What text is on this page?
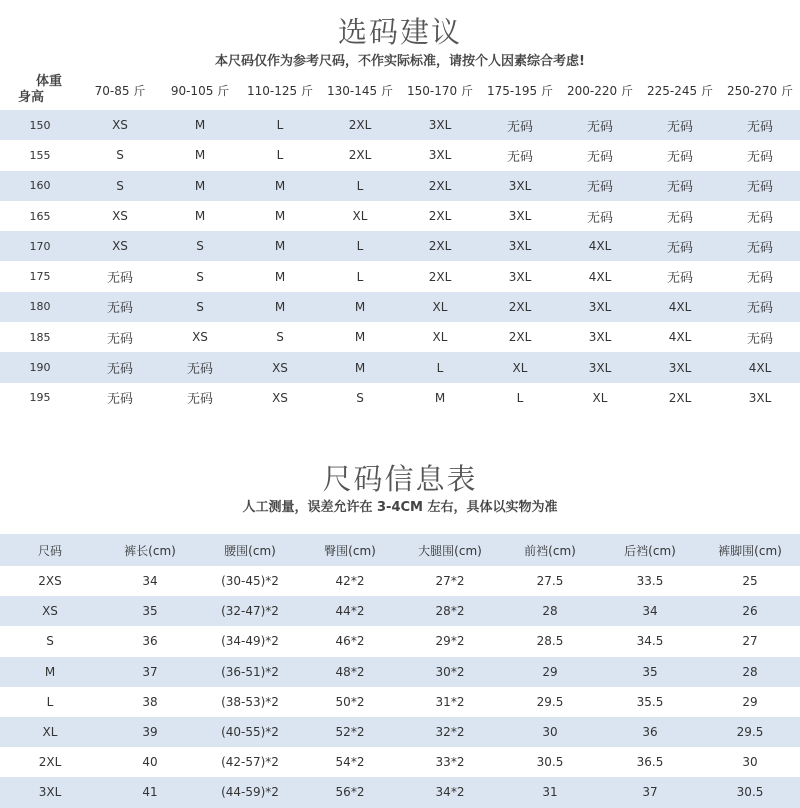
选码建议
本尺码仅作为参考尺码，不作实际标准，请按个人因素综合考虑!
体重
身高	70-85 斤	90-105 斤	110-125 斤	130-145 斤	150-170 斤	175-195 斤	200-220 斤	225-245 斤	250-270 斤
150	XS	M	L	2XL	3XL	无码	无码	无码	无码
155	S	M	L	2XL	3XL	无码	无码	无码	无码
160	S	M	M	L	2XL	3XL	无码	无码	无码
165	XS	M	M	XL	2XL	3XL	无码	无码	无码
170	XS	S	M	L	2XL	3XL	4XL	无码	无码
175	无码	S	M	L	2XL	3XL	4XL	无码	无码
180	无码	S	M	M	XL	2XL	3XL	4XL	无码
185	无码	XS	S	M	XL	2XL	3XL	4XL	无码
190	无码	无码	XS	M	L	XL	3XL	3XL	4XL
195	无码	无码	XS	S	M	L	XL	2XL	3XL
尺码信息表
人工测量，误差允许在 3-4CM 左右，具体以实物为准
尺码	裤长(cm)	腰围(cm)	臀围(cm)	大腿围(cm)	前裆(cm)	后裆(cm)	裤脚围(cm)
2XS	34	(30-45)*2	42*2	27*2	27.5	33.5	25
XS	35	(32-47)*2	44*2	28*2	28	34	26
S	36	(34-49)*2	46*2	29*2	28.5	34.5	27
M	37	(36-51)*2	48*2	30*2	29	35	28
L	38	(38-53)*2	50*2	31*2	29.5	35.5	29
XL	39	(40-55)*2	52*2	32*2	30	36	29.5
2XL	40	(42-57)*2	54*2	33*2	30.5	36.5	30
3XL	41	(44-59)*2	56*2	34*2	31	37	30.5
